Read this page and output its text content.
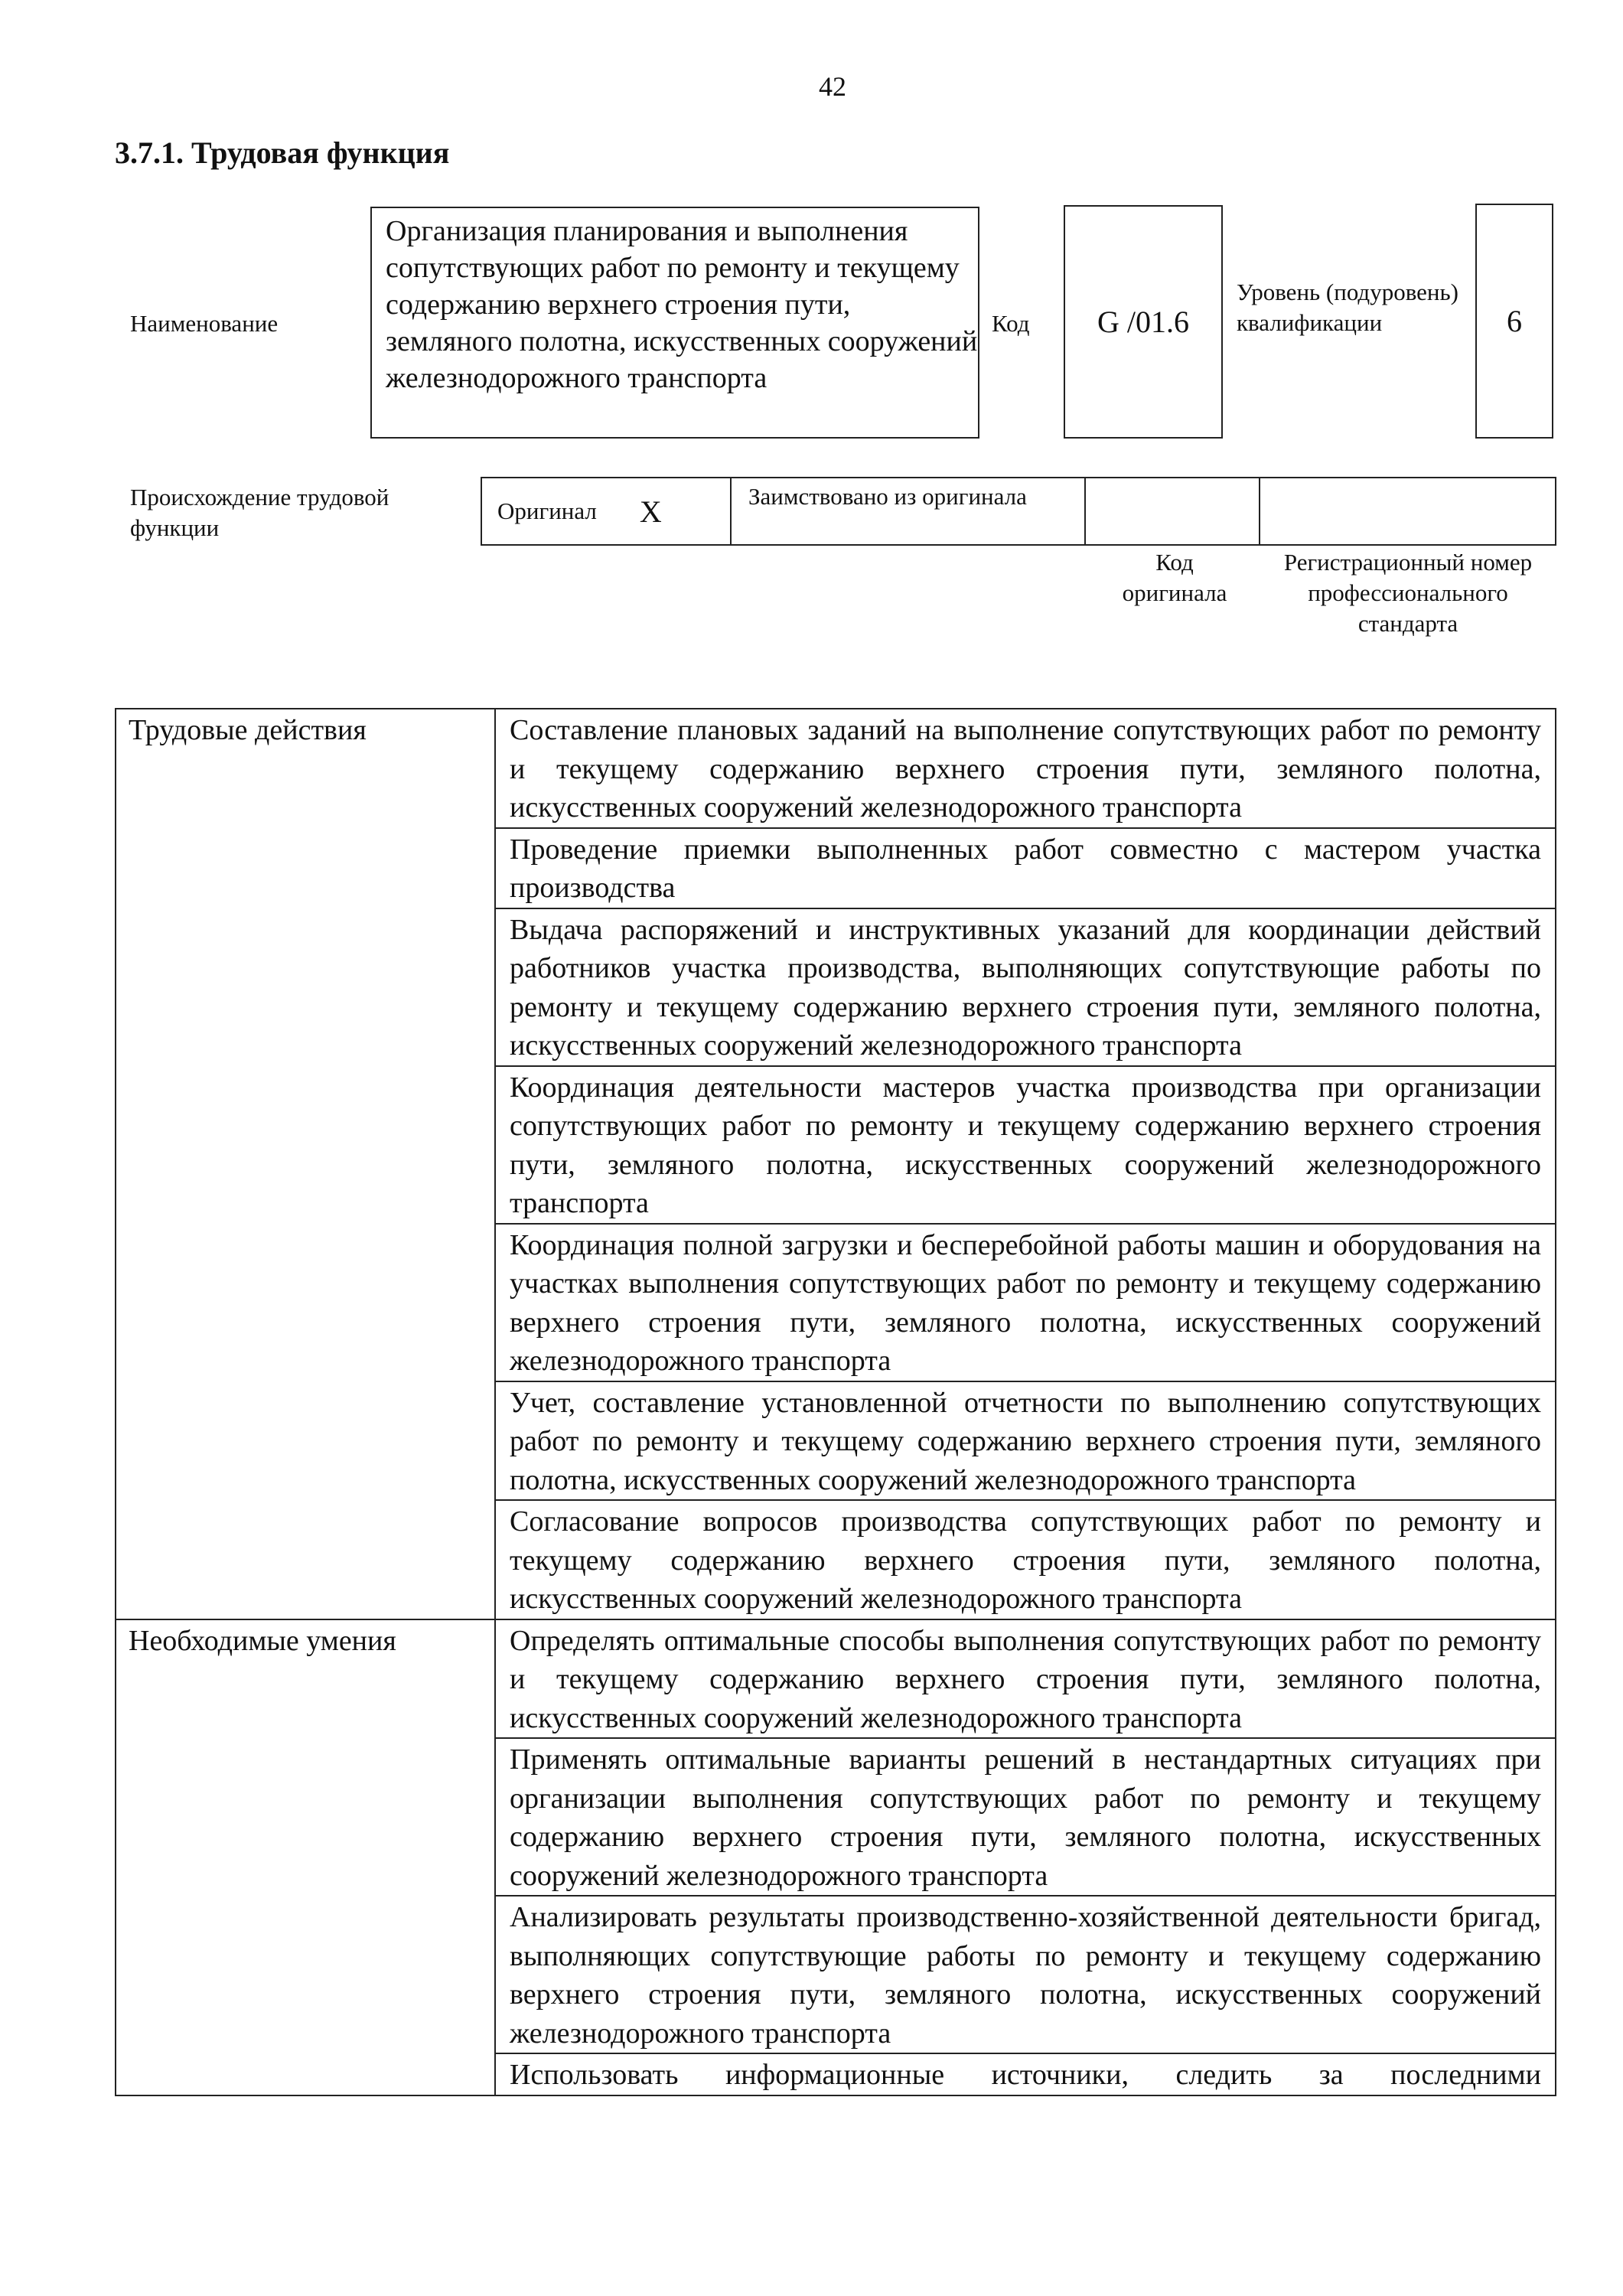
42
3.7.1. Трудовая функция
Наименование
Организация планирования и выполнения сопутствующих работ по ремонту и текущему содержанию верхнего строения пути, земляного полотна, искусственных сооружений железнодорожного транспорта
Код G /01.6
Уровень (подуровень) квалификации	6
Происхождение трудовой функции
Оригинал X	Заимствовано из оригинала
Код оригинала
Регистрационный номер профессионального стандарта
Трудовые действия	Составление плановых заданий на выполнение сопутствующих работ по ремонту и текущему содержанию верхнего строения пути, земляного полотна, искусственных сооружений железнодорожного транспорта
	Проведение приемки выполненных работ совместно с мастером участка производства
	Выдача распоряжений и инструктивных указаний для координации действий работников участка производства, выполняющих сопутствующие работы по ремонту и текущему содержанию верхнего строения пути, земляного полотна, искусственных сооружений железнодорожного транспорта
	Координация деятельности мастеров участка производства при организации сопутствующих работ по ремонту и текущему содержанию верхнего строения пути, земляного полотна, искусственных сооружений железнодорожного транспорта
	Координация полной загрузки и бесперебойной работы машин и оборудования на участках выполнения сопутствующих работ по ремонту и текущему содержанию верхнего строения пути, земляного полотна, искусственных сооружений железнодорожного транспорта
	Учет, составление установленной отчетности по выполнению сопутствующих работ по ремонту и текущему содержанию верхнего строения пути, земляного полотна, искусственных сооружений железнодорожного транспорта
	Согласование вопросов производства сопутствующих работ по ремонту и текущему содержанию верхнего строения пути, земляного полотна, искусственных сооружений железнодорожного транспорта
Необходимые умения	Определять оптимальные способы выполнения сопутствующих работ по ремонту и текущему содержанию верхнего строения пути, земляного полотна, искусственных сооружений железнодорожного транспорта
	Применять оптимальные варианты решений в нестандартных ситуациях при организации выполнения сопутствующих работ по ремонту и текущему содержанию верхнего строения пути, земляного полотна, искусственных сооружений железнодорожного транспорта
	Анализировать результаты производственно-хозяйственной деятельности бригад, выполняющих сопутствующие работы по ремонту и текущему содержанию верхнего строения пути, земляного полотна, искусственных сооружений железнодорожного транспорта
	Использовать информационные источники, следить за последними
